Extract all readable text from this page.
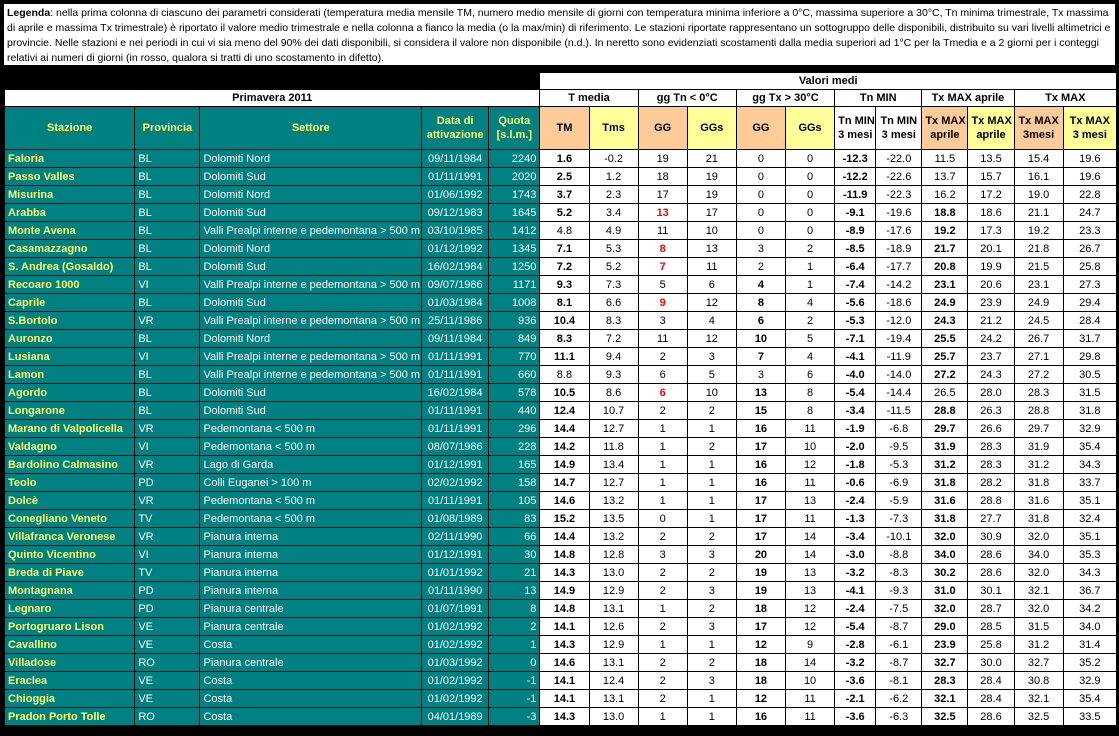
Legenda: nella prima colonna di ciascuno dei parametri considerati (temperatura media mensile TM, numero medio mensile di giorni con temperatura minima inferiore a 0°C, massima superiore a 30°C, Tn minima trimestrale, Tx massima di aprile e massima Tx trimestrale) è riportato il valore medio trimestrale e nella colonna a fianco la media (o la max/min) di riferimento. Le stazioni riportate rappresentano un sottogruppo delle disponibili, distribuito su vari livelli altimetrici e provincie. Nelle stazioni e nei periodi in cui vi sia meno del 90% dei dati disponibili, si considera il valore non disponibile (n.d.). In neretto sono evidenziati scostamenti dalla media superiori ad 1°C per la Tmedia e a 2 giorni per i conteggi relativi ai numeri di giorni (in rosso, qualora si tratti di uno scostamento in difetto).
					Valori medi											
Primavera 2011					T media		gg Tn < 0°C		gg Tx > 30°C		Tn MIN		Tx MAX aprile		Tx MAX	
Stazione	Provincia	Settore	Data di
attivazione	Quota
[s.l.m.]	TM	Tms	GG	GGs	GG	GGs	Tn MIN
3 mesi	Tn MIN
3 mesi	Tx MAX
aprile	Tx MAX
aprile	Tx MAX
3mesi	Tx MAX
3 mesi
Faloria	BL	Dolomiti Nord	09/11/1984	2240	1.6	-0.2	19	21	0	0	-12.3	-22.0	11.5	13.5	15.4	19.6
Passo Valles	BL	Dolomiti Sud	01/11/1991	2020	2.5	1.2	18	19	0	0	-12.2	-22.6	13.7	15.7	16.1	19.6
Misurina	BL	Dolomiti Nord	01/06/1992	1743	3.7	2.3	17	19	0	0	-11.9	-22.3	16.2	17.2	19.0	22.8
Arabba	BL	Dolomiti Sud	09/12/1983	1645	5.2	3.4	13	17	0	0	-9.1	-19.6	18.8	18.6	21.1	24.7
Monte Avena	BL	Valli Prealpi interne e pedemontana > 500 m	03/10/1985	1412	4.8	4.9	11	10	0	0	-8.9	-17.6	19.2	17.3	19.2	23.3
Casamazzagno	BL	Dolomiti Nord	01/12/1992	1345	7.1	5.3	8	13	3	2	-8.5	-18.9	21.7	20.1	21.8	26.7
S. Andrea (Gosaldo)	BL	Dolomiti Sud	16/02/1984	1250	7.2	5.2	7	11	2	1	-6.4	-17.7	20.8	19.9	21.5	25.8
Recoaro 1000	VI	Valli Prealpi interne e pedemontana > 500 m	09/07/1986	1171	9.3	7.3	5	6	4	1	-7.4	-14.2	23.1	20.6	23.1	27.3
Caprile	BL	Dolomiti Sud	01/03/1984	1008	8.1	6.6	9	12	8	4	-5.6	-18.6	24.9	23.9	24.9	29.4
S.Bortolo	VR	Valli Prealpi interne e pedemontana > 500 m	25/11/1986	936	10.4	8.3	3	4	6	2	-5.3	-12.0	24.3	21.2	24.5	28.4
Auronzo	BL	Dolomiti Nord	09/11/1984	849	8.3	7.2	11	12	10	5	-7.1	-19.4	25.5	24.2	26.7	31.7
Lusiana	VI	Valli Prealpi interne e pedemontana > 500 m	01/11/1991	770	11.1	9.4	2	3	7	4	-4.1	-11.9	25.7	23.7	27.1	29.8
Lamon	BL	Valli Prealpi interne e pedemontana > 500 m	01/11/1991	660	8.8	9.3	6	5	3	6	-4.0	-14.0	27.2	24.3	27.2	30.5
Agordo	BL	Dolomiti Sud	16/02/1984	578	10.5	8.6	6	10	13	8	-5.4	-14.4	26.5	28.0	28.3	31.5
Longarone	BL	Dolomiti Sud	01/11/1991	440	12.4	10.7	2	2	15	8	-3.4	-11.5	28.8	26.3	28.8	31.8
Marano di Valpolicella	VR	Pedemontana < 500 m	01/11/1991	296	14.4	12.7	1	1	16	11	-1.9	-6.8	29.7	26.6	29.7	32.9
Valdagno	VI	Pedemontana < 500 m	08/07/1986	228	14.2	11.8	1	2	17	10	-2.0	-9.5	31.9	28.3	31.9	35.4
Bardolino Calmasino	VR	Lago di Garda	01/12/1991	165	14.9	13.4	1	1	16	12	-1.8	-5.3	31.2	28.3	31.2	34.3
Teolo	PD	Colli Euganei > 100 m	02/02/1992	158	14.7	12.7	1	1	16	11	-0.6	-6.9	31.8	28.2	31.8	33.7
Dolcè	VR	Pedemontana < 500 m	01/11/1991	105	14.6	13.2	1	1	17	13	-2.4	-5.9	31.6	28.8	31.6	35.1
Conegliano Veneto	TV	Pedemontana < 500 m	01/08/1989	83	15.2	13.5	0	1	17	11	-1.3	-7.3	31.8	27.7	31.8	32.4
Villafranca Veronese	VR	Pianura interna	02/11/1990	66	14.4	13.2	2	2	17	14	-3.4	-10.1	32.0	30.9	32.0	35.1
Quinto Vicentino	VI	Pianura interna	01/12/1991	30	14.8	12.8	3	3	20	14	-3.0	-8.8	34.0	28.6	34.0	35.3
Breda di Piave	TV	Pianura interna	01/01/1992	21	14.3	13.0	2	2	19	13	-3.2	-8.3	30.2	28.6	32.0	34.3
Montagnana	PD	Pianura interna	01/11/1990	13	14.9	12.9	2	3	19	13	-4.1	-9.3	31.0	30.1	32.1	36.7
Legnaro	PD	Pianura centrale	01/07/1991	8	14.8	13.1	1	2	18	12	-2.4	-7.5	32.0	28.7	32.0	34.2
Portogruaro Lison	VE	Pianura centrale	01/02/1992	2	14.1	12.6	2	3	17	12	-5.4	-8.7	29.0	28.5	31.5	34.0
Cavallino	VE	Costa	01/02/1992	1	14.3	12.9	1	1	12	9	-2.8	-6.1	23.9	25.8	31.2	31.4
Villadose	RO	Pianura centrale	01/03/1992	0	14.6	13.1	2	2	18	14	-3.2	-8.7	32.7	30.0	32.7	35.2
Eraclea	VE	Costa	01/02/1992	-1	14.1	12.4	2	3	18	10	-3.6	-8.1	28.3	28.4	30.8	32.9
Chioggia	VE	Costa	01/02/1992	-1	14.1	13.1	2	1	12	11	-2.1	-6.2	32.1	28.4	32.1	35.4
Pradon Porto Tolle	RO	Costa	04/01/1989	-3	14.3	13.0	1	1	16	11	-3.6	-6.3	32.5	28.6	32.5	33.5
